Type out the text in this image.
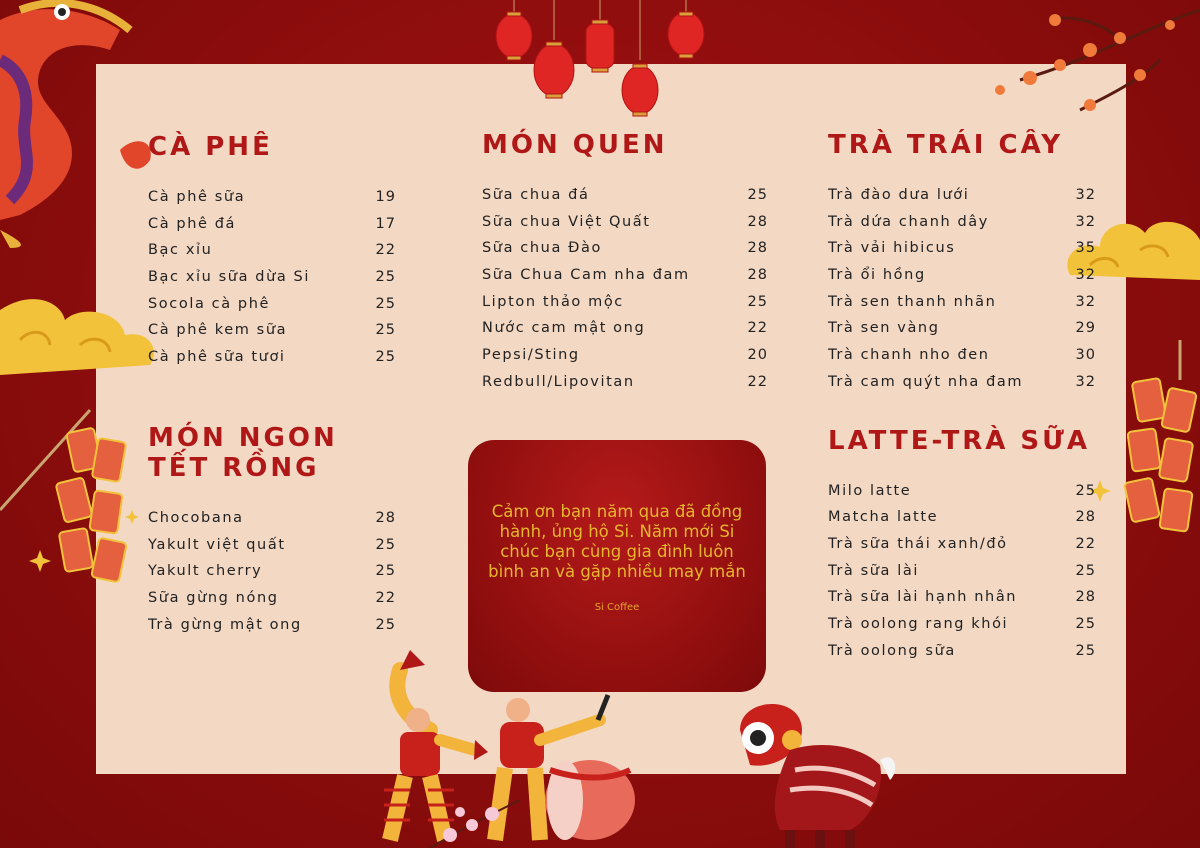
CÀ PHÊ
Cà phê sữa	19
Cà phê đá	17
Bạc xỉu	22
Bạc xỉu sữa dừa Si	25
Socola cà phê	25
Cà phê kem sữa	25
Cà phê sữa tươi	25
MÓN NGON
TẾT RỒNG
Chocobana	28
Yakult việt quất	25
Yakult cherry	25
Sữa gừng nóng	22
Trà gừng mật ong	25
MÓN QUEN
Sữa chua đá	25
Sữa chua Việt Quất	28
Sữa chua Đào	28
Sữa Chua Cam nha đam	28
Lipton thảo mộc	25
Nước cam mật ong	22
Pepsi/Sting	20
Redbull/Lipovitan	22
TRÀ TRÁI CÂY
Trà đào dưa lưới	32
Trà dứa chanh dây	32
Trà vải hibicus	35
Trà ổi hồng	32
Trà sen thanh nhãn	32
Trà sen vàng	29
Trà chanh nho đen	30
Trà cam quýt nha đam	32
LATTE-TRÀ SỮA
Milo latte	25
Matcha latte	28
Trà sữa thái xanh/đỏ	22
Trà sữa lài	25
Trà sữa lài hạnh nhân	28
Trà oolong rang khói	25
Trà oolong sữa	25

Cảm ơn bạn năm qua đã đồng hành, ủng hộ Si. Năm mới Si chúc bạn cùng gia đình luôn bình an và gặp nhiều may mắn

Si Coffee
